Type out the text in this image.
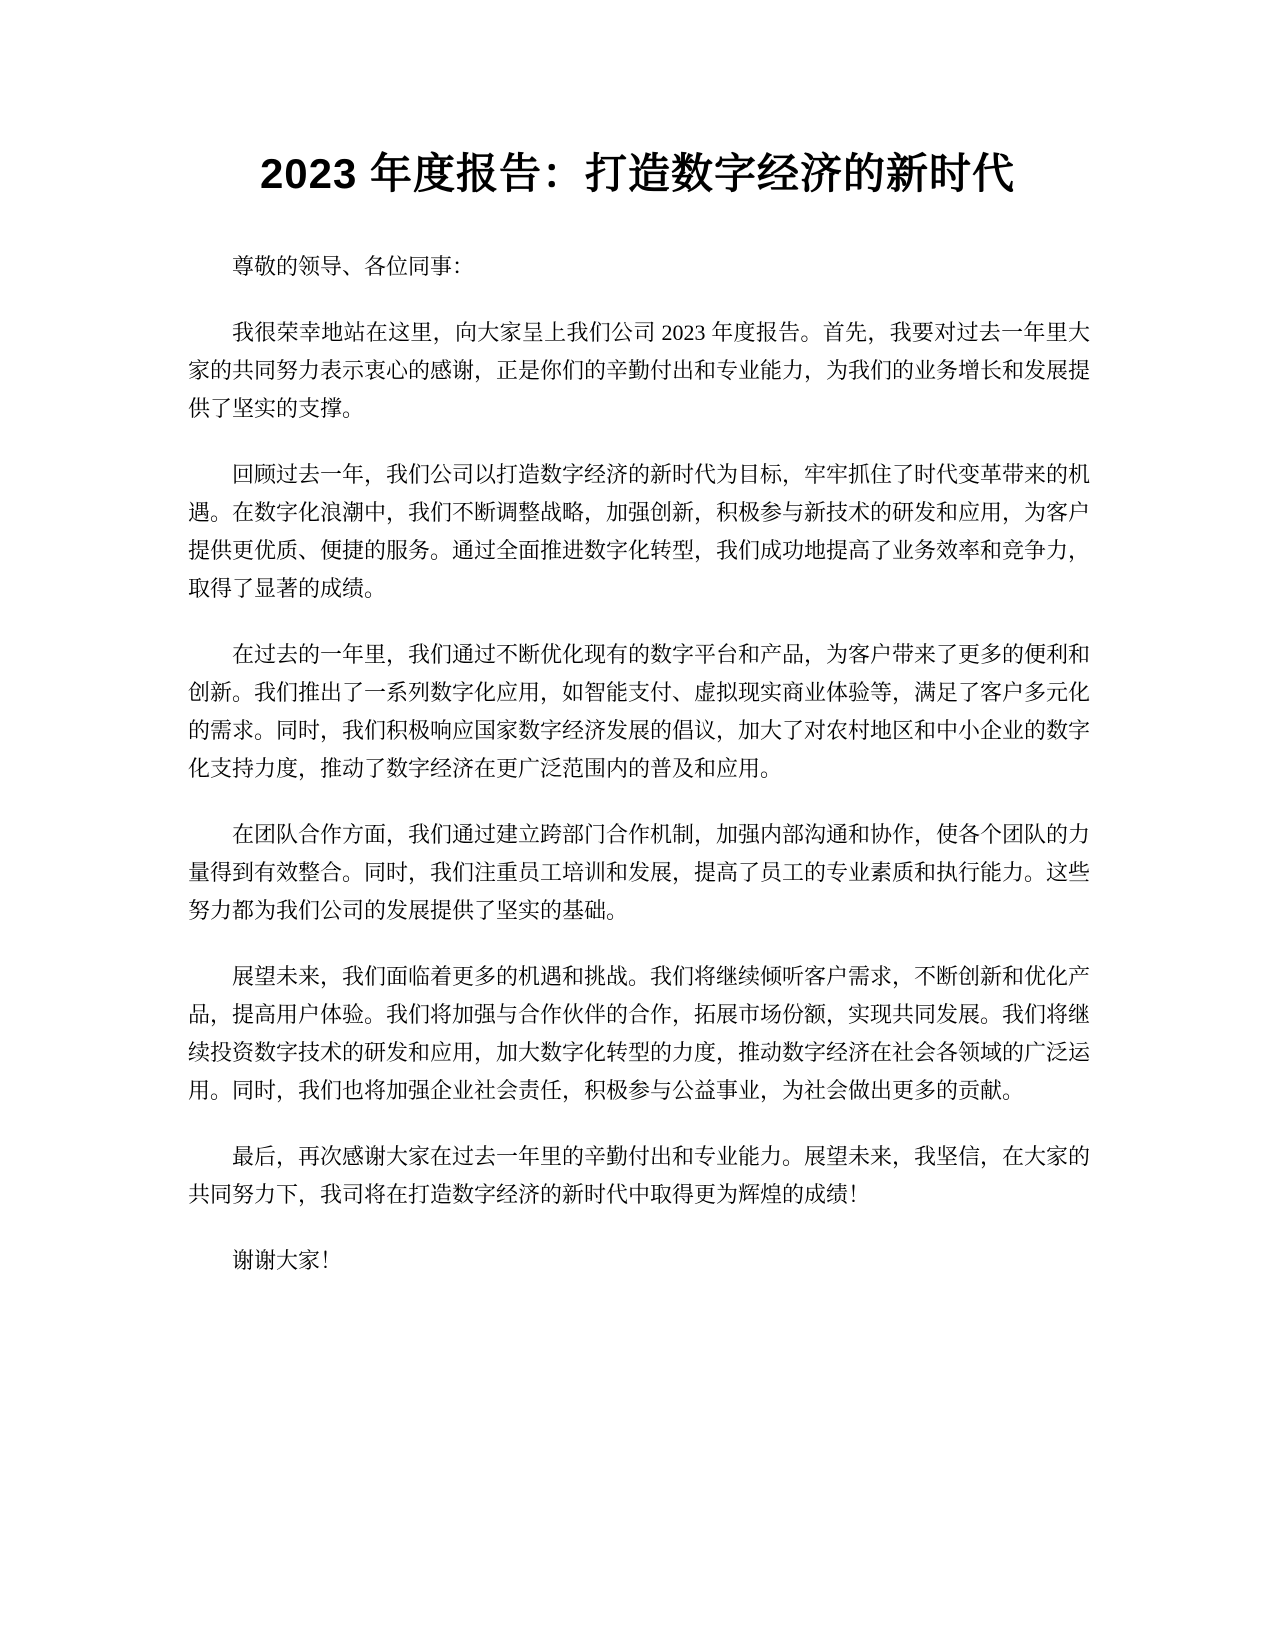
2023 年度报告：打造数字经济的新时代

尊敬的领导、各位同事：

我很荣幸地站在这里，向大家呈上我们公司 2023 年度报告。首先，我要对过去一年里大家的共同努力表示衷心的感谢，正是你们的辛勤付出和专业能力，为我们的业务增长和发展提供了坚实的支撑。

回顾过去一年，我们公司以打造数字经济的新时代为目标，牢牢抓住了时代变革带来的机遇。在数字化浪潮中，我们不断调整战略，加强创新，积极参与新技术的研发和应用，为客户提供更优质、便捷的服务。通过全面推进数字化转型，我们成功地提高了业务效率和竞争力，取得了显著的成绩。

在过去的一年里，我们通过不断优化现有的数字平台和产品，为客户带来了更多的便利和创新。我们推出了一系列数字化应用，如智能支付、虚拟现实商业体验等，满足了客户多元化的需求。同时，我们积极响应国家数字经济发展的倡议，加大了对农村地区和中小企业的数字化支持力度，推动了数字经济在更广泛范围内的普及和应用。

在团队合作方面，我们通过建立跨部门合作机制，加强内部沟通和协作，使各个团队的力量得到有效整合。同时，我们注重员工培训和发展，提高了员工的专业素质和执行能力。这些努力都为我们公司的发展提供了坚实的基础。

展望未来，我们面临着更多的机遇和挑战。我们将继续倾听客户需求，不断创新和优化产品，提高用户体验。我们将加强与合作伙伴的合作，拓展市场份额，实现共同发展。我们将继续投资数字技术的研发和应用，加大数字化转型的力度，推动数字经济在社会各领域的广泛运用。同时，我们也将加强企业社会责任，积极参与公益事业，为社会做出更多的贡献。

最后，再次感谢大家在过去一年里的辛勤付出和专业能力。展望未来，我坚信，在大家的共同努力下，我司将在打造数字经济的新时代中取得更为辉煌的成绩！

谢谢大家！
